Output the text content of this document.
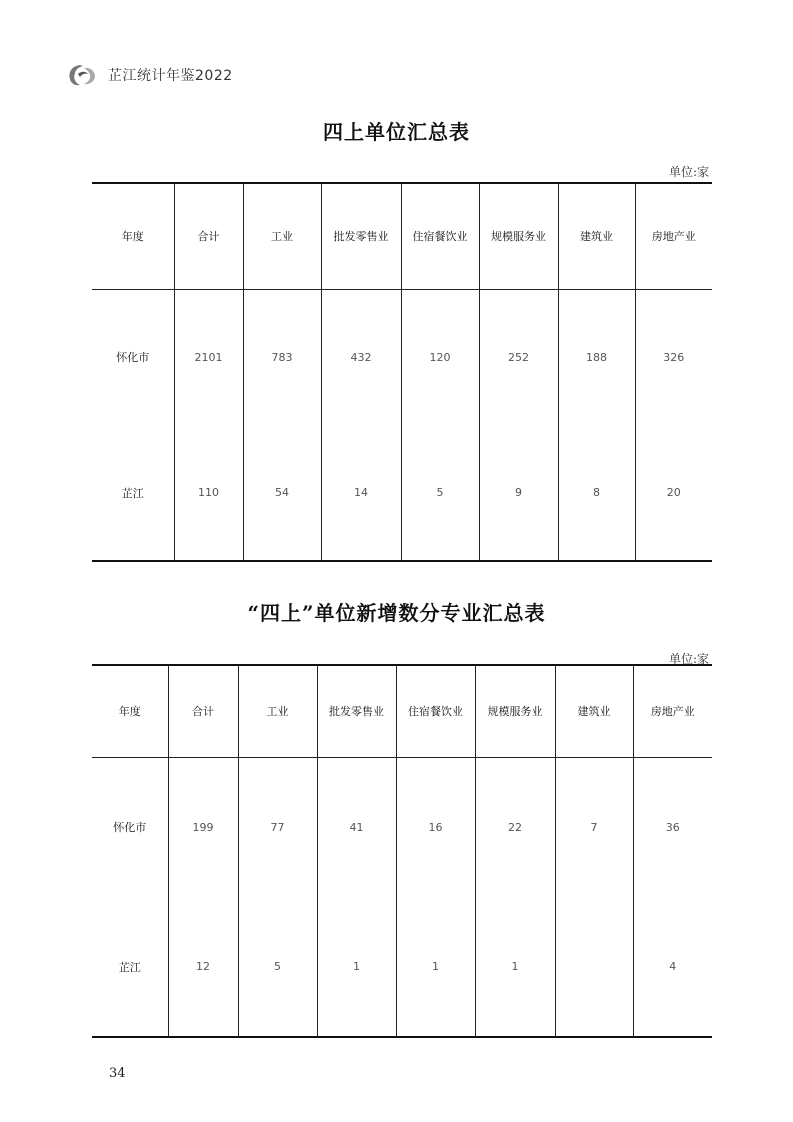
芷江统计年鉴2022
四上单位汇总表
单位:家
年度	合计	工业	批发零售业	住宿餐饮业	规模服务业	建筑业	房地产业
怀化市	2101	783	432	120	252	188	326
芷江	110	54	14	5	9	8	20
“四上”单位新增数分专业汇总表
单位:家
年度	合计	工业	批发零售业	住宿餐饮业	规模服务业	建筑业	房地产业
怀化市	199	77	41	16	22	7	36
芷江	12	5	1	1	1		4
34
